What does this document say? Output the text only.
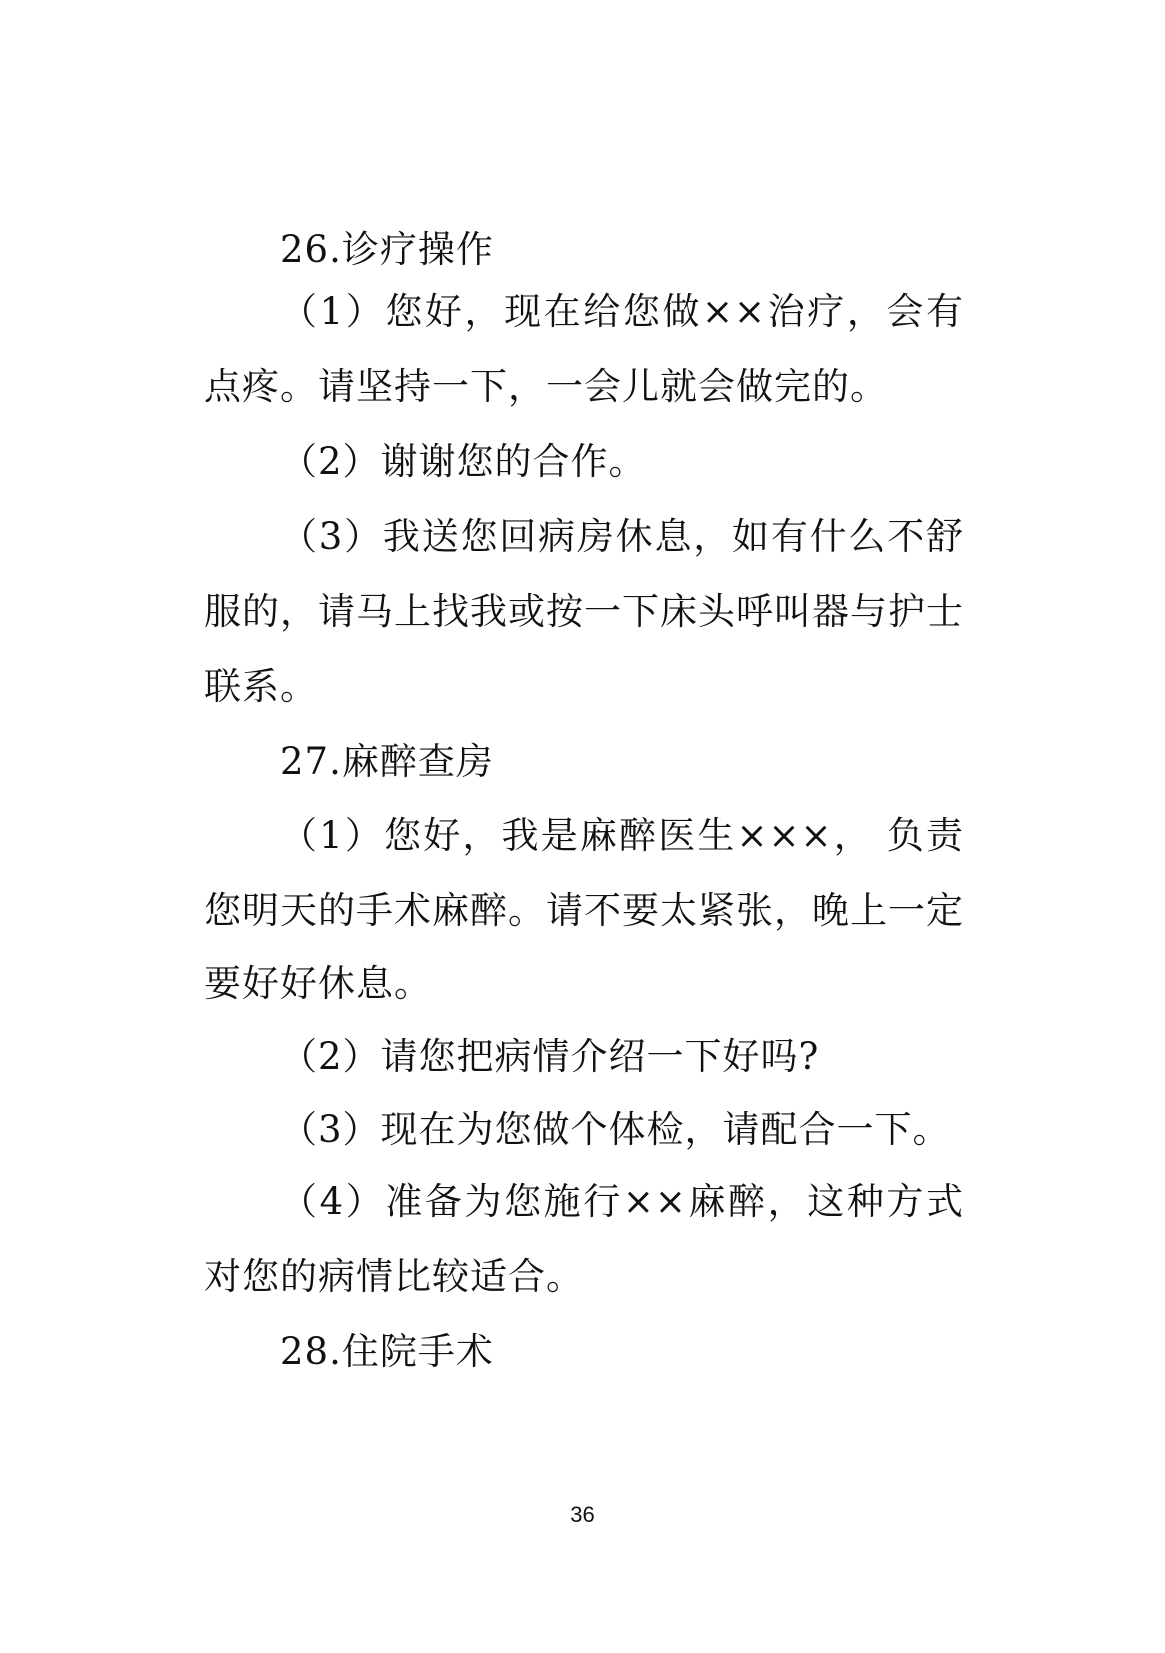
26.诊疗操作
（1）您好，现在给您做××治疗，会有
点疼。请坚持一下，一会儿就会做完的。
（2）谢谢您的合作。
（3）我送您回病房休息，如有什么不舒
服的，请马上找我或按一下床头呼叫器与护士
联系。
27.麻醉查房
（1）您好，我是麻醉医生×××， 负责
您明天的手术麻醉。请不要太紧张，晚上一定
要好好休息。
（2）请您把病情介绍一下好吗?
（3）现在为您做个体检，请配合一下。
（4）准备为您施行××麻醉，这种方式
对您的病情比较适合。
28.住院手术
36
